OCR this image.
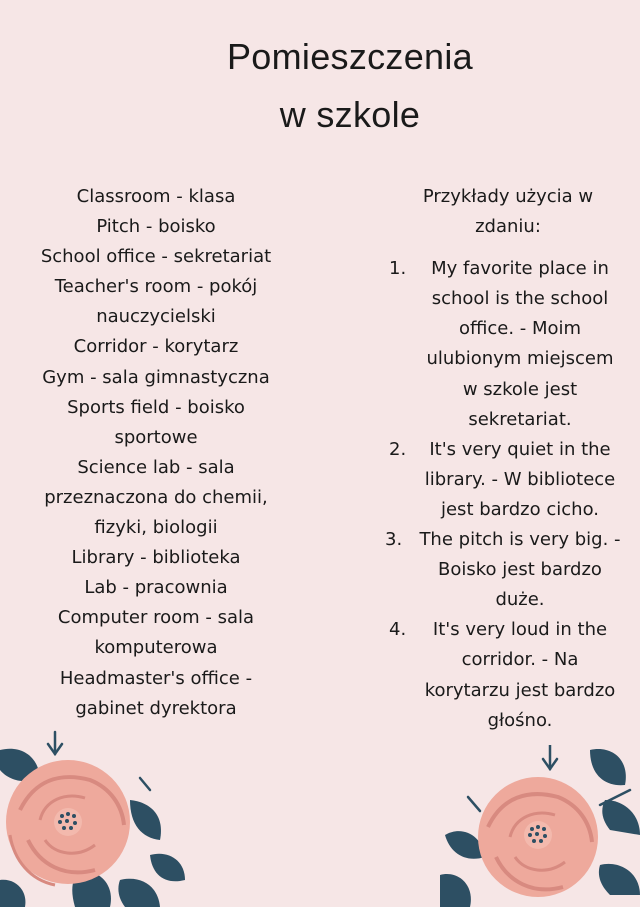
Pomieszczenia
w szkole
Classroom - klasa
Pitch - boisko
School office - sekretariat
Teacher's room - pokój
nauczycielski
Corridor - korytarz
Gym - sala gimnastyczna
Sports field - boisko
sportowe
Science lab - sala
przeznaczona do chemii,
fizyki, biologii
Library - biblioteka
Lab - pracownia
Computer room - sala
komputerowa
Headmaster's office -
gabinet dyrektora
Przykłady użycia w
zdaniu:
1.	My favorite place in
school is the school
office. - Moim
ulubionym miejscem
w szkole jest
sekretariat.
2.	It's very quiet in the
library. - W bibliotece
jest bardzo cicho.
3. The pitch is very big. -
Boisko jest bardzo
duże.
4.	It's very loud in the
corridor. - Na
korytarzu jest bardzo
głośno.
